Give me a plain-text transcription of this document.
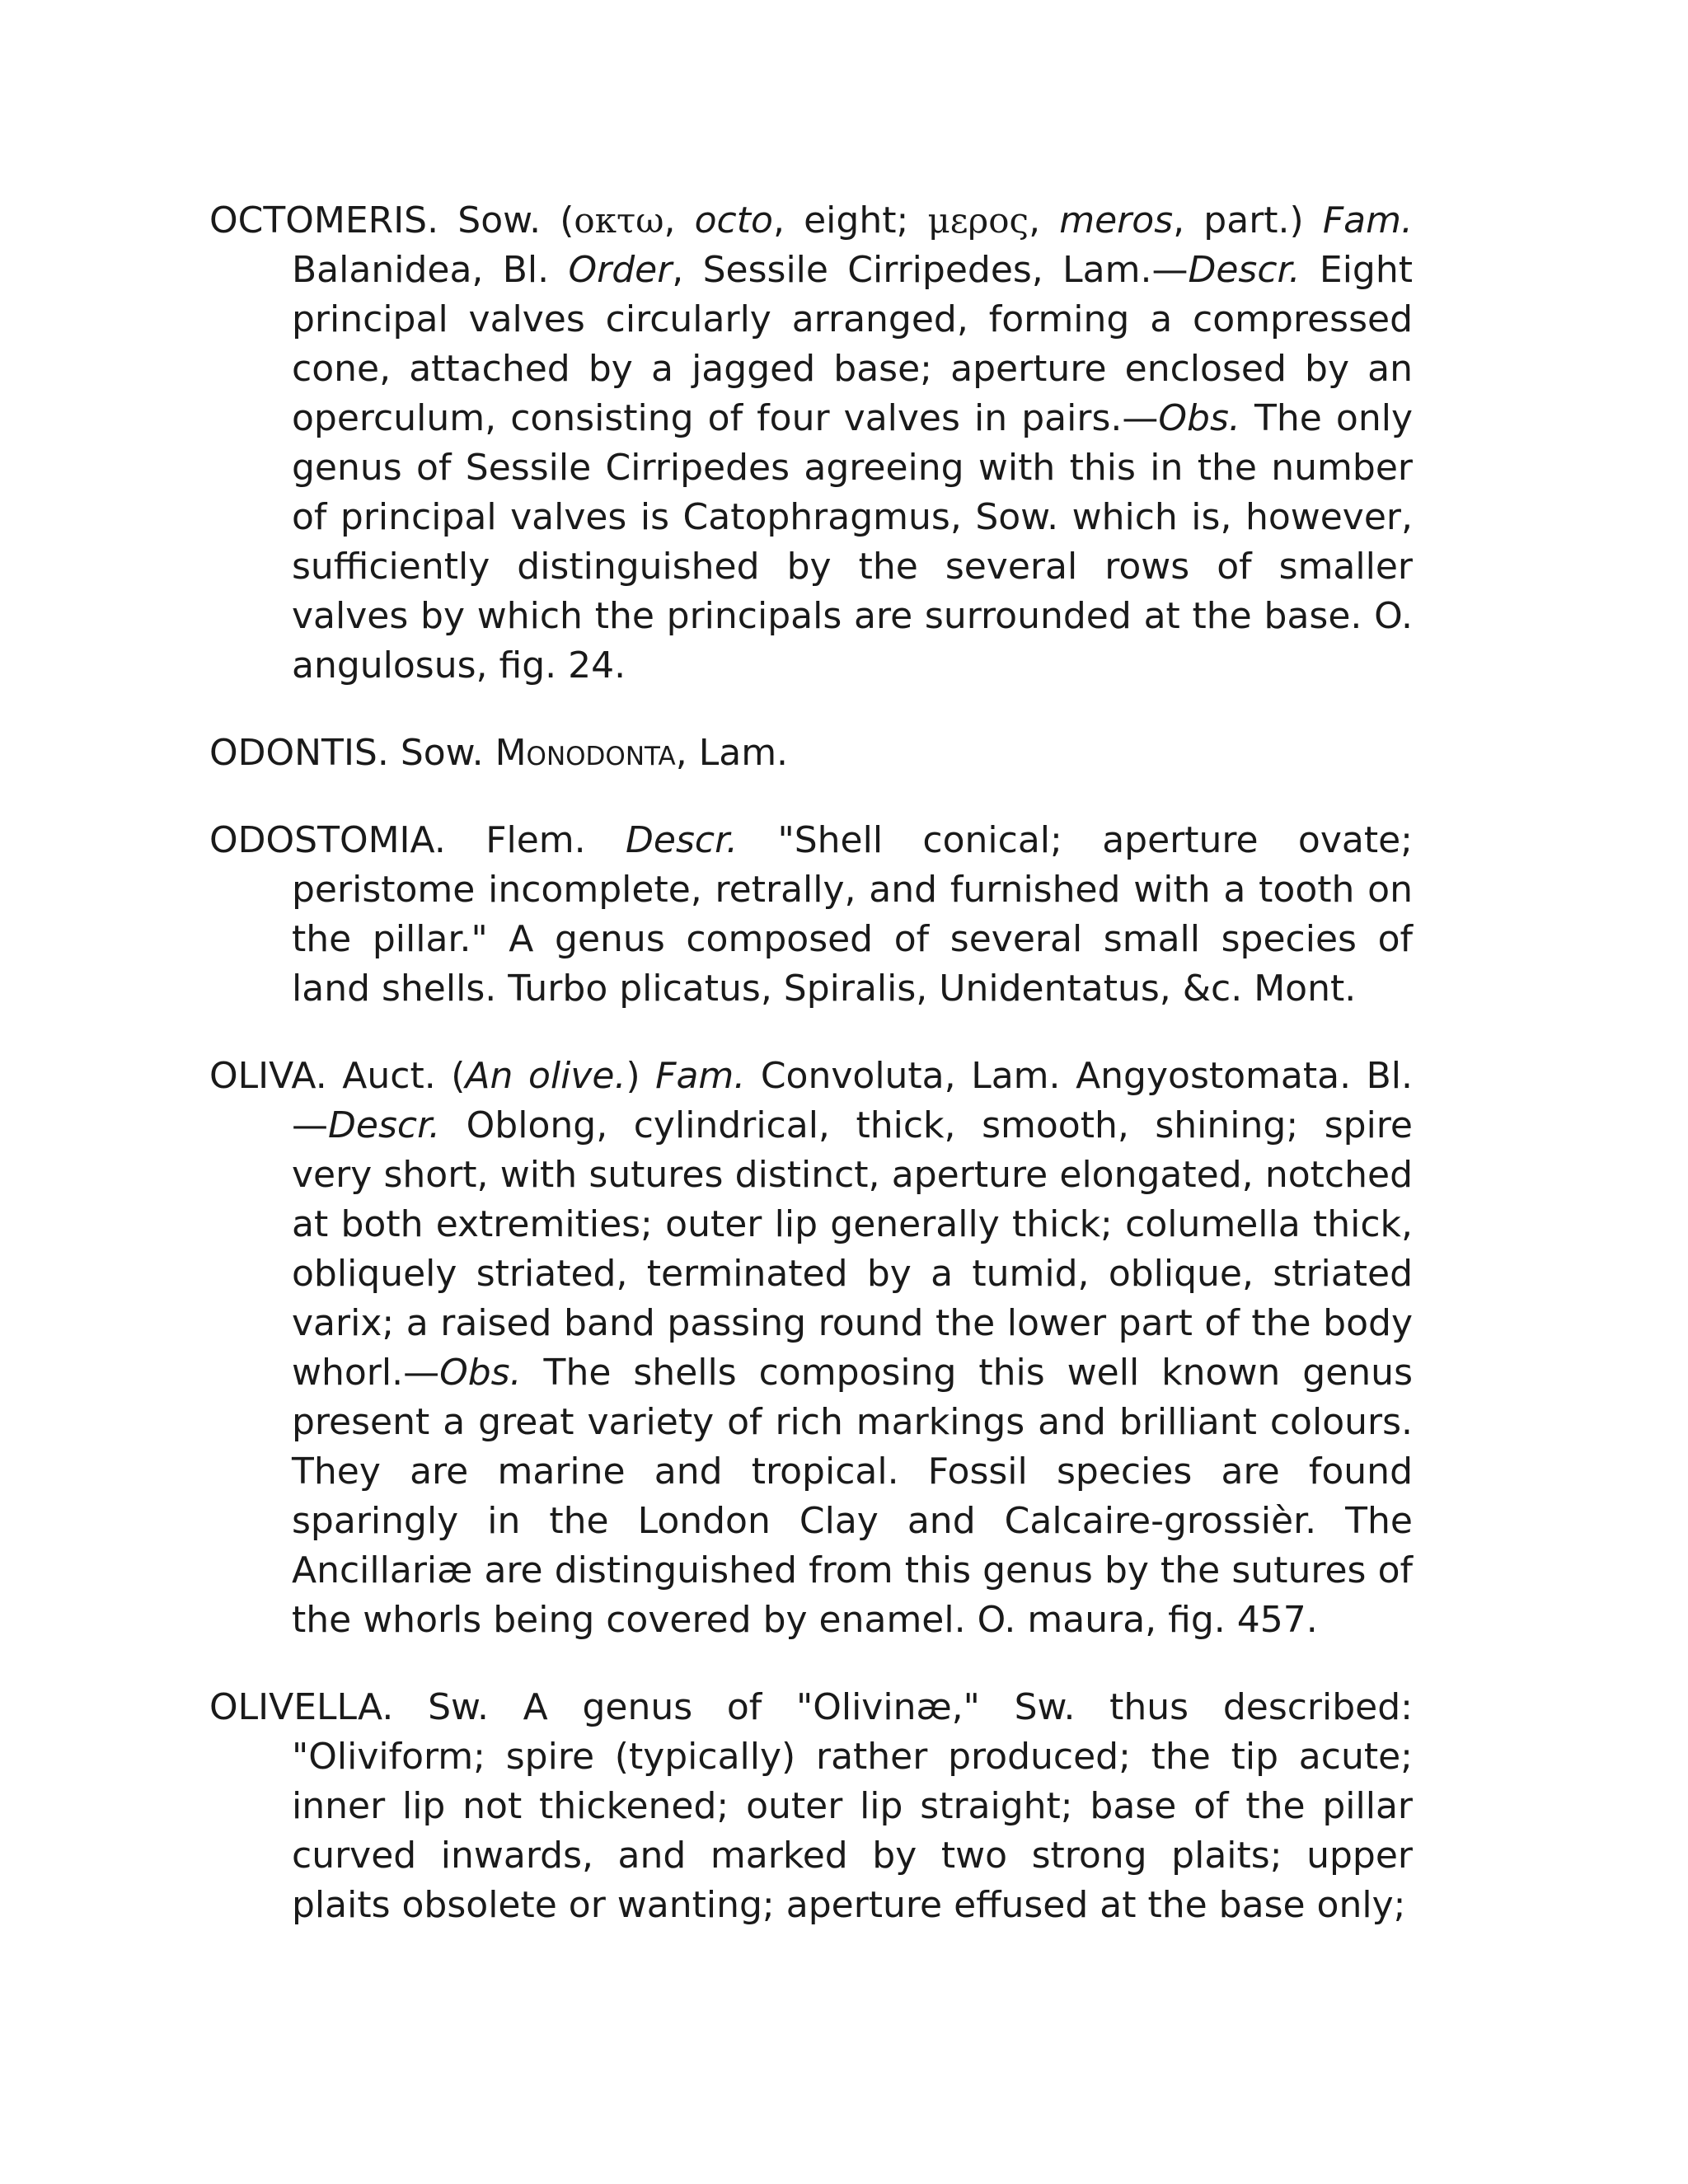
OCTOMERIS. Sow. (οκτω, octo, eight; μερος, meros, part.) Fam. Balanidea, Bl. Order, Sessile Cirripedes, Lam.—Descr. Eight principal valves circularly arranged, forming a compressed cone, attached by a jagged base; aperture enclosed by an operculum, consisting of four valves in pairs.—Obs. The only genus of Sessile Cirripedes agreeing with this in the number of principal valves is Catophragmus, Sow. which is, however, sufficiently distinguished by the several rows of smaller valves by which the principals are surrounded at the base. O. angulosus, fig. 24.

ODONTIS. Sow. Monodonta, Lam.

ODOSTOMIA. Flem. Descr. "Shell conical; aperture ovate; peristome incomplete, retrally, and furnished with a tooth on the pillar." A genus composed of several small species of land shells. Turbo plicatus, Spiralis, Unidentatus, &c. Mont.

OLIVA. Auct. (An olive.) Fam. Convoluta, Lam. Angyostomata. Bl. —Descr. Oblong, cylindrical, thick, smooth, shining; spire very short, with sutures distinct, aperture elongated, notched at both extremities; outer lip generally thick; columella thick, obliquely striated, terminated by a tumid, oblique, striated varix; a raised band passing round the lower part of the body whorl.—Obs. The shells composing this well known genus present a great variety of rich markings and brilliant colours. They are marine and tropical. Fossil species are found sparingly in the London Clay and Calcaire-grossièr. The Ancillariæ are distinguished from this genus by the sutures of the whorls being covered by enamel. O. maura, fig. 457.

OLIVELLA. Sw. A genus of "Olivinæ," Sw. thus described: "Oliviform; spire (typically) rather produced; the tip acute; inner lip not thickened; outer lip straight; base of the pillar curved inwards, and marked by two strong plaits; upper plaits obsolete or wanting; aperture effused at the base only;
